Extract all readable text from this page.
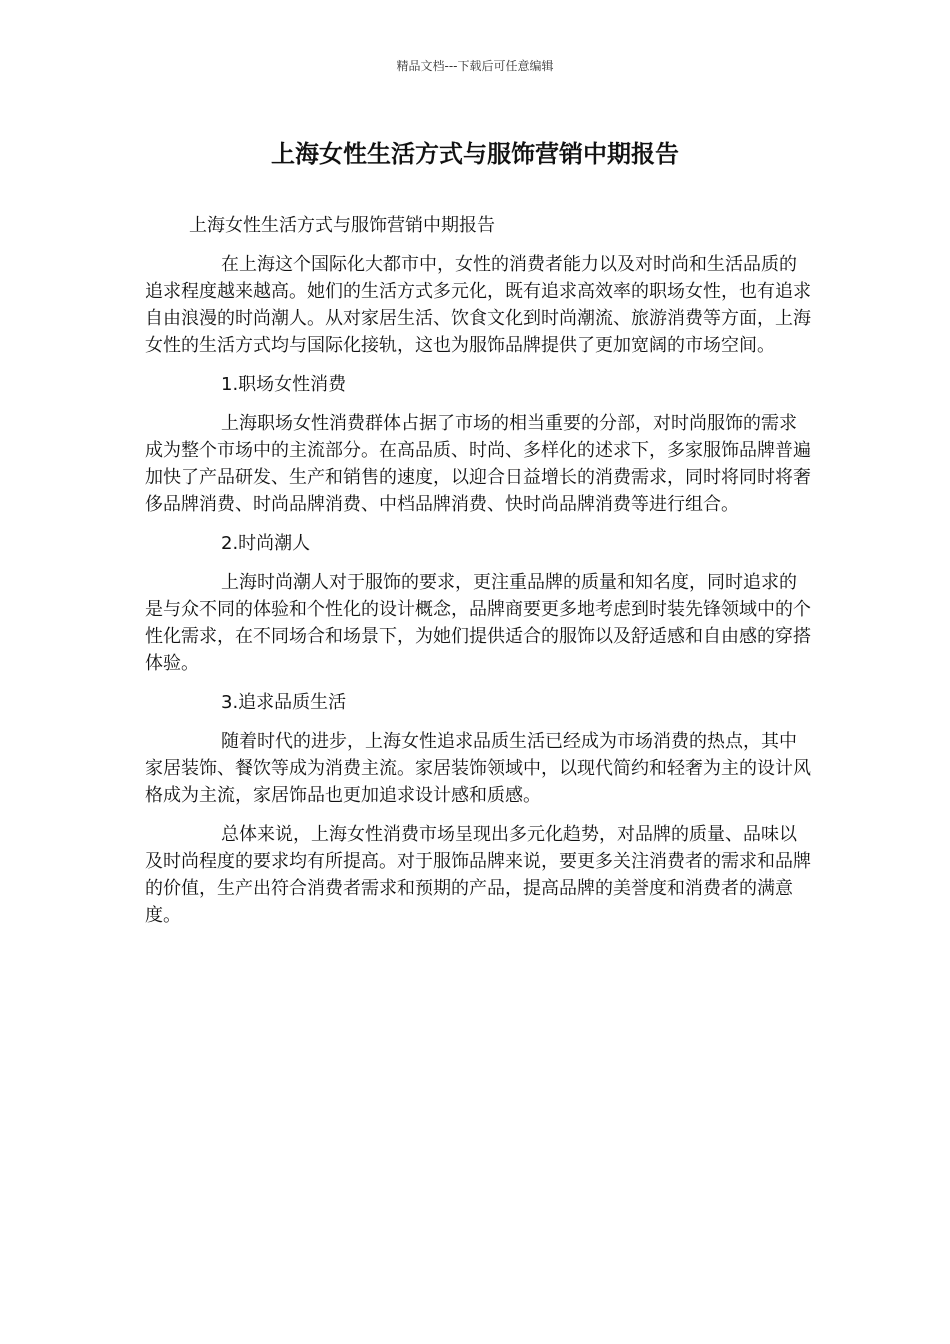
精品文档---下载后可任意编辑
上海女性生活方式与服饰营销中期报告

上海女性生活方式与服饰营销中期报告

在上海这个国际化大都市中，女性的消费者能力以及对时尚和生活品质的追求程度越来越高。她们的生活方式多元化，既有追求高效率的职场女性，也有追求自由浪漫的时尚潮人。从对家居生活、饮食文化到时尚潮流、旅游消费等方面，上海女性的生活方式均与国际化接轨，这也为服饰品牌提供了更加宽阔的市场空间。

1.职场女性消费

上海职场女性消费群体占据了市场的相当重要的分部，对时尚服饰的需求成为整个市场中的主流部分。在高品质、时尚、多样化的述求下，多家服饰品牌普遍加快了产品研发、生产和销售的速度，以迎合日益增长的消费需求，同时将同时将奢侈品牌消费、时尚品牌消费、中档品牌消费、快时尚品牌消费等进行组合。

2.时尚潮人

上海时尚潮人对于服饰的要求，更注重品牌的质量和知名度，同时追求的是与众不同的体验和个性化的设计概念，品牌商要更多地考虑到时装先锋领域中的个性化需求，在不同场合和场景下，为她们提供适合的服饰以及舒适感和自由感的穿搭体验。

3.追求品质生活

随着时代的进步，上海女性追求品质生活已经成为市场消费的热点，其中家居装饰、餐饮等成为消费主流。家居装饰领域中，以现代简约和轻奢为主的设计风格成为主流，家居饰品也更加追求设计感和质感。

总体来说，上海女性消费市场呈现出多元化趋势，对品牌的质量、品味以及时尚程度的要求均有所提高。对于服饰品牌来说，要更多关注消费者的需求和品牌的价值，生产出符合消费者需求和预期的产品，提高品牌的美誉度和消费者的满意度。
